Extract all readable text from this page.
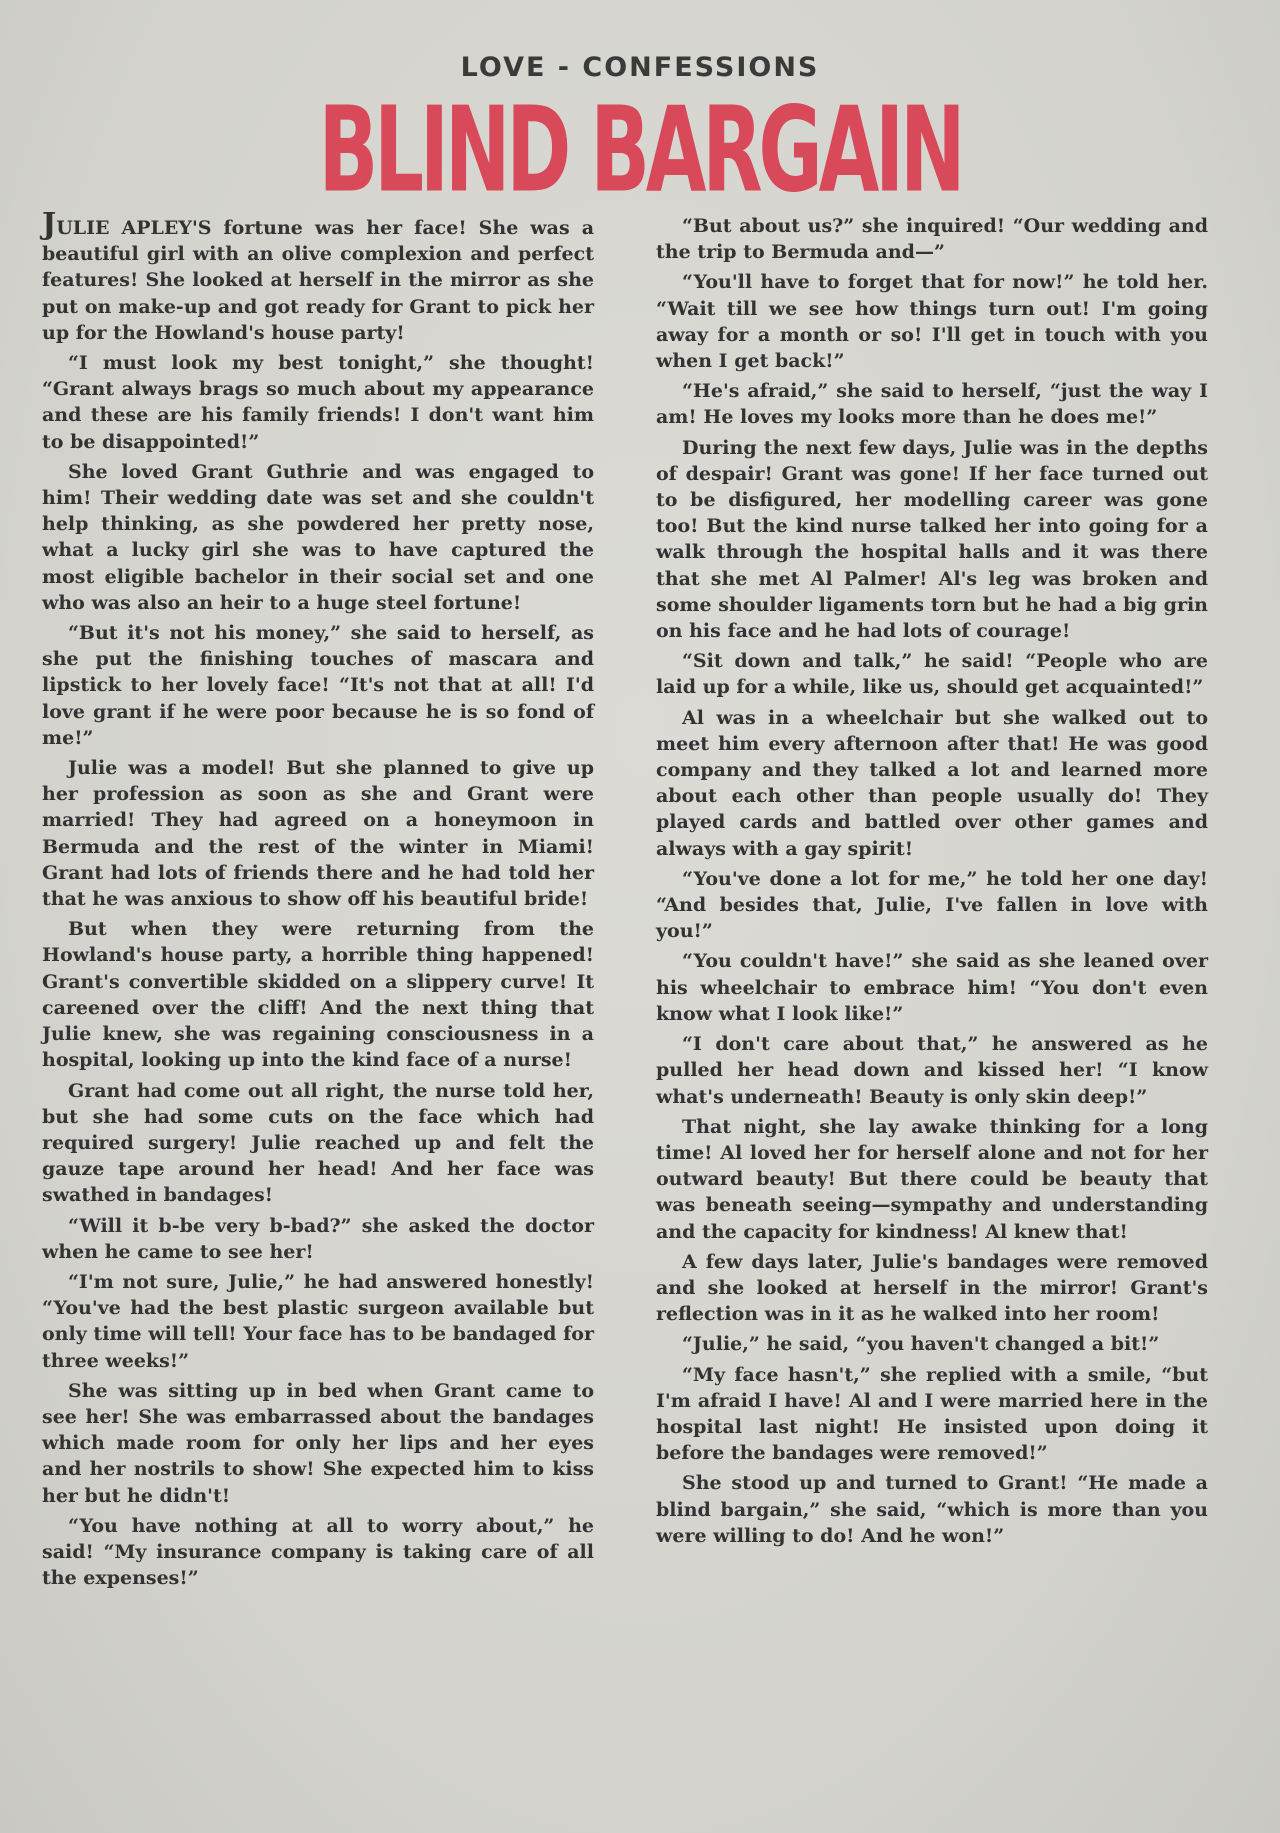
LOVE - CONFESSIONS
BLIND BARGAIN

JULIE APLEY'S fortune was her face! She was a beautiful girl with an olive complexion and perfect features! She looked at herself in the mirror as she put on make-up and got ready for Grant to pick her up for the Howland's house party!

“I must look my best tonight,” she thought! “Grant always brags so much about my appearance and these are his family friends! I don't want him to be disappointed!”

She loved Grant Guthrie and was engaged to him! Their wedding date was set and she couldn't help thinking, as she powdered her pretty nose, what a lucky girl she was to have captured the most eligible bachelor in their social set and one who was also an heir to a huge steel fortune!

“But it's not his money,” she said to herself, as she put the finishing touches of mascara and lipstick to her lovely face! “It's not that at all! I'd love grant if he were poor because he is so fond of me!”

Julie was a model! But she planned to give up her profession as soon as she and Grant were married! They had agreed on a honeymoon in Bermuda and the rest of the winter in Miami! Grant had lots of friends there and he had told her that he was anxious to show off his beautiful bride!

But when they were returning from the Howland's house party, a horrible thing happened! Grant's convertible skidded on a slippery curve! It careened over the cliff! And the next thing that Julie knew, she was regaining consciousness in a hospital, looking up into the kind face of a nurse!

Grant had come out all right, the nurse told her, but she had some cuts on the face which had required surgery! Julie reached up and felt the gauze tape around her head! And her face was swathed in bandages!

“Will it b-be very b-bad?” she asked the doctor when he came to see her!

“I'm not sure, Julie,” he had answered honestly! “You've had the best plastic surgeon available but only time will tell! Your face has to be bandaged for three weeks!”

She was sitting up in bed when Grant came to see her! She was embarrassed about the bandages which made room for only her lips and her eyes and her nostrils to show! She expected him to kiss her but he didn't!

“You have nothing at all to worry about,” he said! “My insurance company is taking care of all the expenses!”

“But about us?” she inquired! “Our wedding and the trip to Bermuda and—”

“You'll have to forget that for now!” he told her. “Wait till we see how things turn out! I'm going away for a month or so! I'll get in touch with you when I get back!”

“He's afraid,” she said to herself, “just the way I am! He loves my looks more than he does me!”

During the next few days, Julie was in the depths of despair! Grant was gone! If her face turned out to be disfigured, her modelling career was gone too! But the kind nurse talked her into going for a walk through the hospital halls and it was there that she met Al Palmer! Al's leg was broken and some shoulder ligaments torn but he had a big grin on his face and he had lots of courage!

“Sit down and talk,” he said! “People who are laid up for a while, like us, should get acquainted!”

Al was in a wheelchair but she walked out to meet him every afternoon after that! He was good company and they talked a lot and learned more about each other than people usually do! They played cards and battled over other games and always with a gay spirit!

“You've done a lot for me,” he told her one day! “And besides that, Julie, I've fallen in love with you!”

“You couldn't have!” she said as she leaned over his wheelchair to embrace him! “You don't even know what I look like!”

“I don't care about that,” he answered as he pulled her head down and kissed her! “I know what's underneath! Beauty is only skin deep!”

That night, she lay awake thinking for a long time! Al loved her for herself alone and not for her outward beauty! But there could be beauty that was beneath seeing—sympathy and understanding and the capacity for kindness! Al knew that!

A few days later, Julie's bandages were removed and she looked at herself in the mirror! Grant's reflection was in it as he walked into her room!

“Julie,” he said, “you haven't changed a bit!”

“My face hasn't,” she replied with a smile, “but I'm afraid I have! Al and I were married here in the hospital last night! He insisted upon doing it before the bandages were removed!”

She stood up and turned to Grant! “He made a blind bargain,” she said, “which is more than you were willing to do! And he won!”
